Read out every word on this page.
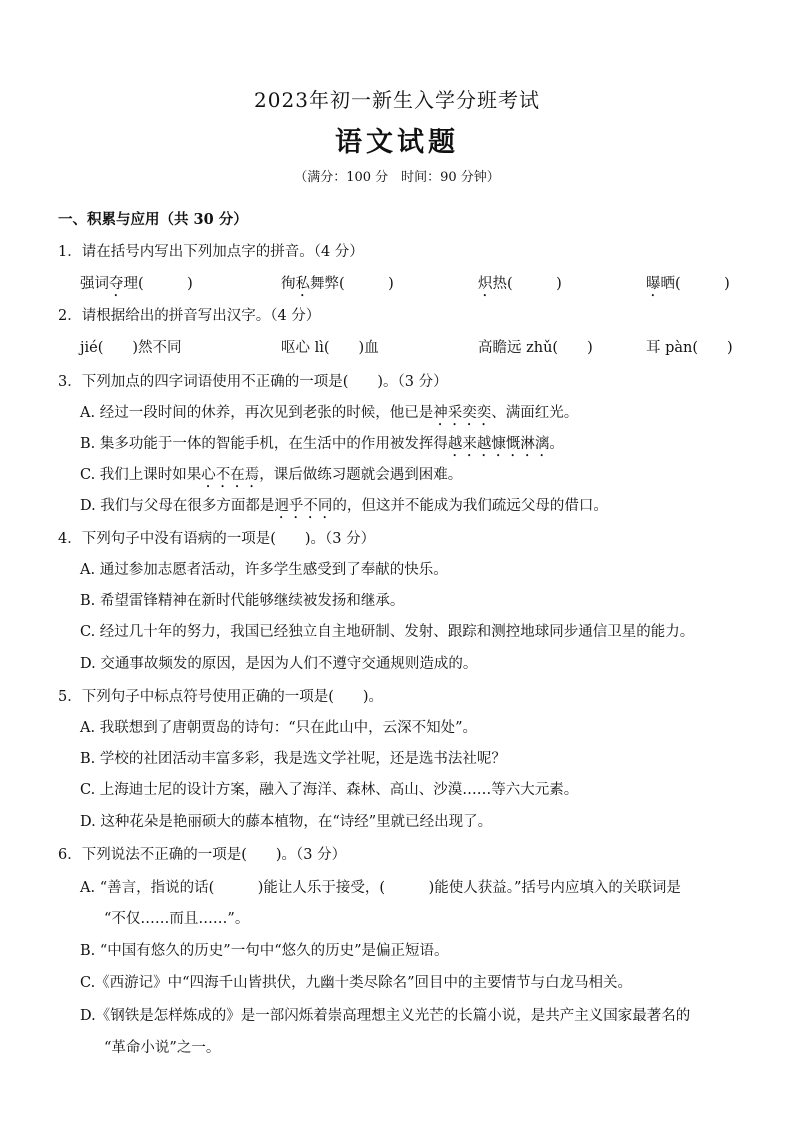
2023年初一新生入学分班考试
语文试题
（满分：100 分　时间：90 分钟）
一、积累与应用（共 30 分）
1．请在括号内写出下列加点字的拼音。（4 分）
强词夺理(　　　)	徇私舞弊(　　　)	炽热(　　　)	曝晒(　　　)
2．请根据给出的拼音写出汉字。（4 分）
jié(　　)然不同	呕心 lì(　　)血	高瞻远 zhǔ(　　)	耳 pàn(　　)
3．下列加点的四字词语使用不正确的一项是(　　)。（3 分）
A. 经过一段时间的休养，再次见到老张的时候，他已是神采奕奕、满面红光。
B. 集多功能于一体的智能手机，在生活中的作用被发挥得越来越慷慨淋漓。
C. 我们上课时如果心不在焉，课后做练习题就会遇到困难。
D. 我们与父母在很多方面都是迥乎不同的，但这并不能成为我们疏远父母的借口。
4．下列句子中没有语病的一项是(　　)。（3 分）
A. 通过参加志愿者活动，许多学生感受到了奉献的快乐。
B. 希望雷锋精神在新时代能够继续被发扬和继承。
C. 经过几十年的努力，我国已经独立自主地研制、发射、跟踪和测控地球同步通信卫星的能力。
D. 交通事故频发的原因，是因为人们不遵守交通规则造成的。
5．下列句子中标点符号使用正确的一项是(　　)。
A. 我联想到了唐朝贾岛的诗句：“只在此山中，云深不知处”。
B. 学校的社团活动丰富多彩，我是选文学社呢，还是选书法社呢？
C. 上海迪士尼的设计方案，融入了海洋、森林、高山、沙漠……等六大元素。
D. 这种花朵是艳丽硕大的藤本植物，在“诗经”里就已经出现了。
6．下列说法不正确的一项是(　　)。（3 分）
A. “善言，指说的话(　　　)能让人乐于接受，(　　　)能使人获益。”括号内应填入的关联词是
“不仅……而且……”。
B. “中国有悠久的历史”一句中“悠久的历史”是偏正短语。
C.《西游记》中“四海千山皆拱伏，九幽十类尽除名”回目中的主要情节与白龙马相关。
D.《钢铁是怎样炼成的》是一部闪烁着崇高理想主义光芒的长篇小说，是共产主义国家最著名的
“革命小说”之一。
